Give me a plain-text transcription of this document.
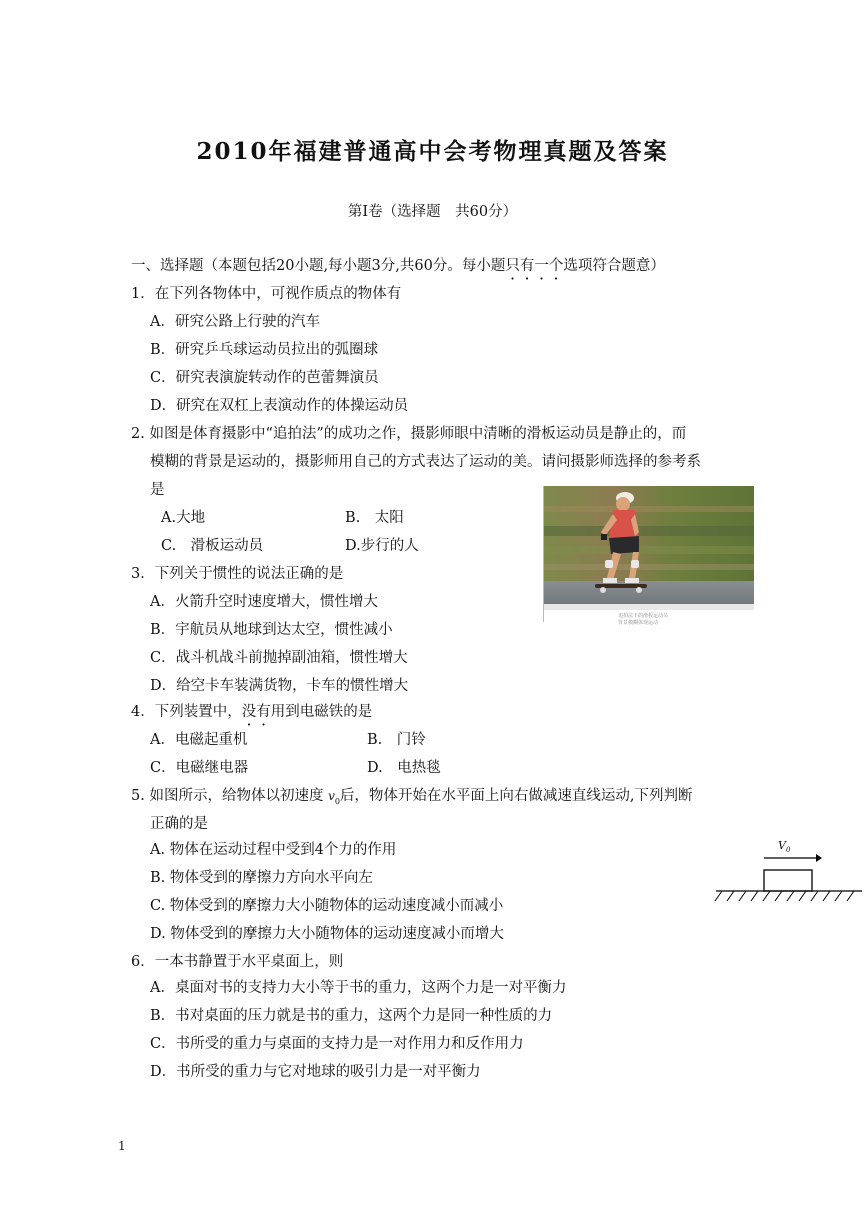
2010年福建普通高中会考物理真题及答案
第Ⅰ卷（选择题　共60分）
一、选择题（本题包括20小题,每小题3分,共60分。每小题只有一个选项符合题意）
1．在下列各物体中，可视作质点的物体有
A．研究公路上行驶的汽车
B．研究乒乓球运动员拉出的弧圈球
C．研究表演旋转动作的芭蕾舞演员
D．研究在双杠上表演动作的体操运动员
2. 如图是体育摄影中“追拍法”的成功之作，摄影师眼中清晰的滑板运动员是静止的，而
模糊的背景是运动的，摄影师用自己的方式表达了运动的美。请问摄影师选择的参考系
是
A.大地	B.　太阳
C.　滑板运动员	D.步行的人
追拍法下的滑板运动员
背景模糊体现运动
3．下列关于惯性的说法正确的是
A．火箭升空时速度增大，惯性增大
B．宇航员从地球到达太空，惯性减小
C．战斗机战斗前抛掉副油箱，惯性增大
D．给空卡车装满货物，卡车的惯性增大
4．下列装置中，没有用到电磁铁的是
A．电磁起重机	B.　门铃
C．电磁继电器	D.　电热毯
5. 如图所示，给物体以初速度 $v_0$后，物体开始在水平面上向右做减速直线运动,下列判断
正确的是
A. 物体在运动过程中受到4个力的作用
B. 物体受到的摩擦力方向水平向左
C. 物体受到的摩擦力大小随物体的运动速度减小而减小
D. 物体受到的摩擦力大小随物体的运动速度减小而增大
$V_0$
6．一本书静置于水平桌面上，则
A．桌面对书的支持力大小等于书的重力，这两个力是一对平衡力
B．书对桌面的压力就是书的重力，这两个力是同一种性质的力
C．书所受的重力与桌面的支持力是一对作用力和反作用力
D．书所受的重力与它对地球的吸引力是一对平衡力
1
